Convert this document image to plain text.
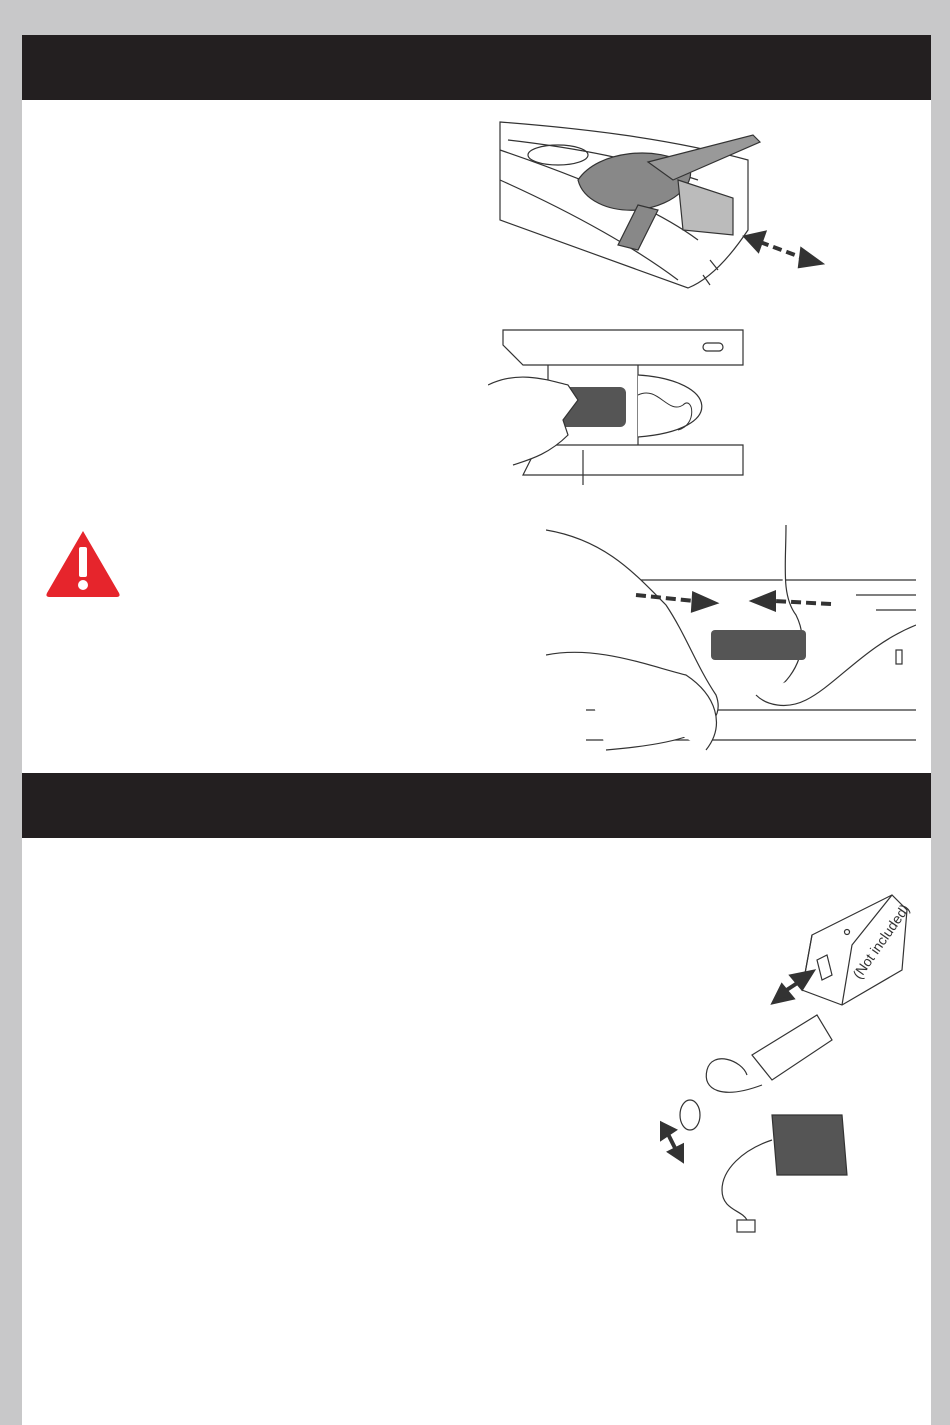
(Not included)
